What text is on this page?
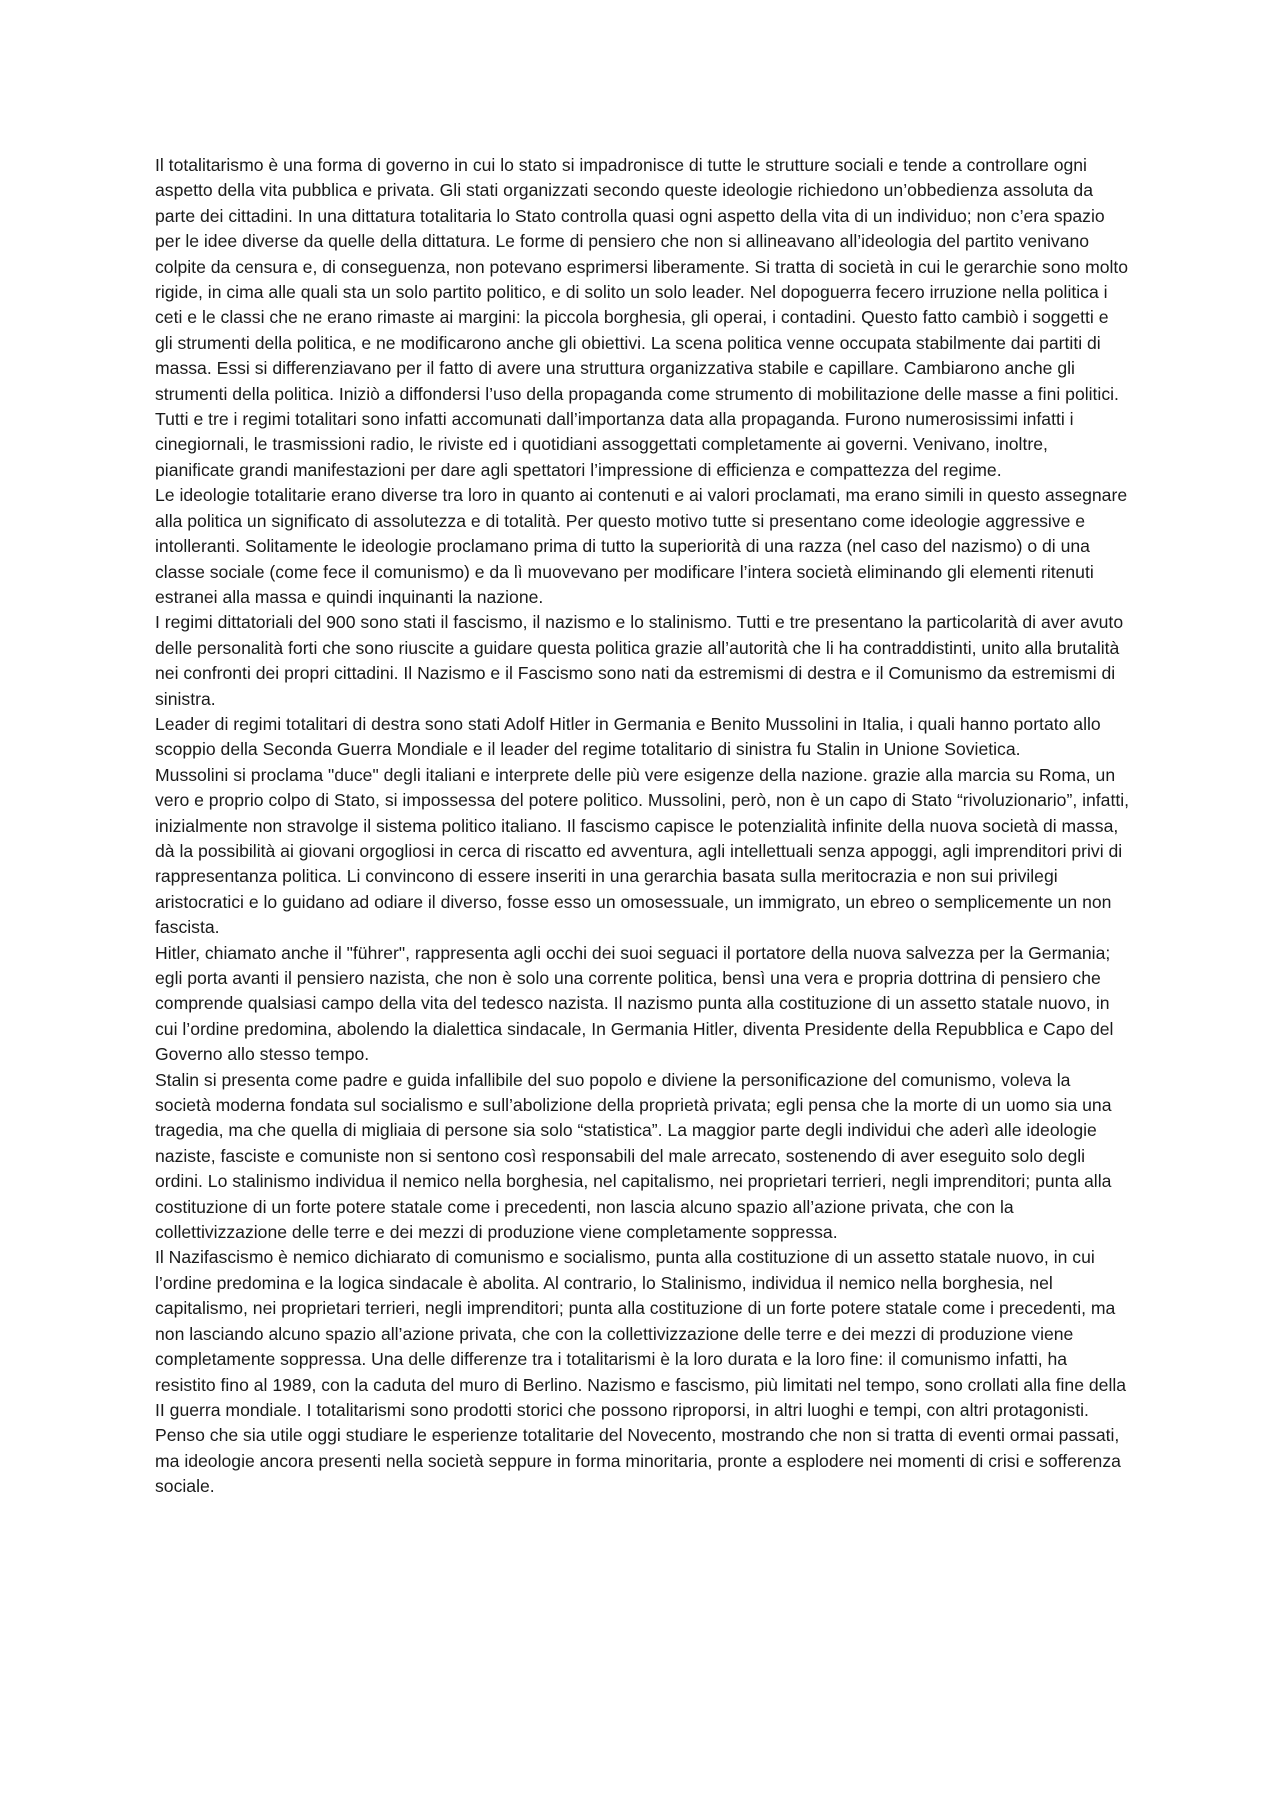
Il totalitarismo è una forma di governo in cui lo stato si impadronisce di tutte le strutture sociali e tende a controllare ogni aspetto della vita pubblica e privata. Gli stati organizzati secondo queste ideologie richiedono un’obbedienza assoluta da parte dei cittadini. In una dittatura totalitaria lo Stato controlla quasi ogni aspetto della vita di un individuo; non c’era spazio per le idee diverse da quelle della dittatura. Le forme di pensiero che non si allineavano all’ideologia del partito venivano colpite da censura e, di conseguenza, non potevano esprimersi liberamente. Si tratta di società in cui le gerarchie sono molto rigide, in cima alle quali sta un solo partito politico, e di solito un solo leader. Nel dopoguerra fecero irruzione nella politica i ceti e le classi che ne erano rimaste ai margini: la piccola borghesia, gli operai, i contadini. Questo fatto cambiò i soggetti e gli strumenti della politica, e ne modificarono anche gli obiettivi. La scena politica venne occupata stabilmente dai partiti di massa. Essi si differenziavano per il fatto di avere una struttura organizzativa stabile e capillare. Cambiarono anche gli strumenti della politica. Iniziò a diffondersi l’uso della propaganda come strumento di mobilitazione delle masse a fini politici. Tutti e tre i regimi totalitari sono infatti accomunati dall’importanza data alla propaganda. Furono numerosissimi infatti i cinegiornali, le trasmissioni radio, le riviste ed i quotidiani assoggettati completamente ai governi. Venivano, inoltre, pianificate grandi manifestazioni per dare agli spettatori l’impressione di efficienza e compattezza del regime.

Le ideologie totalitarie erano diverse tra loro in quanto ai contenuti e ai valori proclamati, ma erano simili in questo assegnare alla politica un significato di assolutezza e di totalità. Per questo motivo tutte si presentano come ideologie aggressive e intolleranti. Solitamente le ideologie proclamano prima di tutto la superiorità di una razza (nel caso del nazismo) o di una classe sociale (come fece il comunismo) e da lì muovevano per modificare l’intera società eliminando gli elementi ritenuti estranei alla massa e quindi inquinanti la nazione.

I regimi dittatoriali del 900 sono stati il fascismo, il nazismo e lo stalinismo. Tutti e tre presentano la particolarità di aver avuto delle personalità forti che sono riuscite a guidare questa politica grazie all’autorità che li ha contraddistinti, unito alla brutalità nei confronti dei propri cittadini. Il Nazismo e il Fascismo sono nati da estremismi di destra e il Comunismo da estremismi di sinistra.

Leader di regimi totalitari di destra sono stati Adolf Hitler in Germania e Benito Mussolini in Italia, i quali hanno portato allo scoppio della Seconda Guerra Mondiale e il leader del regime totalitario di sinistra fu Stalin in Unione Sovietica.

Mussolini si proclama "duce" degli italiani e interprete delle più vere esigenze della nazione. grazie alla marcia su Roma, un vero e proprio colpo di Stato, si impossessa del potere politico. Mussolini, però, non è un capo di Stato “rivoluzionario”, infatti, inizialmente non stravolge il sistema politico italiano. Il fascismo capisce le potenzialità infinite della nuova società di massa, dà la possibilità ai giovani orgogliosi in cerca di riscatto ed avventura, agli intellettuali senza appoggi, agli imprenditori privi di rappresentanza politica. Li convincono di essere inseriti in una gerarchia basata sulla meritocrazia e non sui privilegi aristocratici e lo guidano ad odiare il diverso, fosse esso un omosessuale, un immigrato, un ebreo o semplicemente un non fascista.

Hitler, chiamato anche il "führer", rappresenta agli occhi dei suoi seguaci il portatore della nuova salvezza per la Germania; egli porta avanti il pensiero nazista, che non è solo una corrente politica, bensì una vera e propria dottrina di pensiero che comprende qualsiasi campo della vita del tedesco nazista. Il nazismo punta alla costituzione di un assetto statale nuovo, in cui l’ordine predomina, abolendo la dialettica sindacale, In Germania Hitler, diventa Presidente della Repubblica e Capo del Governo allo stesso tempo.

Stalin si presenta come padre e guida infallibile del suo popolo e diviene la personificazione del comunismo, voleva la società moderna fondata sul socialismo e sull’abolizione della proprietà privata; egli pensa che la morte di un uomo sia una tragedia, ma che quella di migliaia di persone sia solo “statistica”. La maggior parte degli individui che aderì alle ideologie naziste, fasciste e comuniste non si sentono così responsabili del male arrecato, sostenendo di aver eseguito solo degli ordini. Lo stalinismo individua il nemico nella borghesia, nel capitalismo, nei proprietari terrieri, negli imprenditori; punta alla costituzione di un forte potere statale come i precedenti, non lascia alcuno spazio all’azione privata, che con la collettivizzazione delle terre e dei mezzi di produzione viene completamente soppressa.

Il Nazifascismo è nemico dichiarato di comunismo e socialismo, punta alla costituzione di un assetto statale nuovo, in cui l’ordine predomina e la logica sindacale è abolita. Al contrario, lo Stalinismo, individua il nemico nella borghesia, nel capitalismo, nei proprietari terrieri, negli imprenditori; punta alla costituzione di un forte potere statale come i precedenti, ma non lasciando alcuno spazio all’azione privata, che con la collettivizzazione delle terre e dei mezzi di produzione viene completamente soppressa. Una delle differenze tra i totalitarismi è la loro durata e la loro fine: il comunismo infatti, ha resistito fino al 1989, con la caduta del muro di Berlino. Nazismo e fascismo, più limitati nel tempo, sono crollati alla fine della II guerra mondiale. I totalitarismi sono prodotti storici che possono riproporsi, in altri luoghi e tempi, con altri protagonisti. Penso che sia utile oggi studiare le esperienze totalitarie del Novecento, mostrando che non si tratta di eventi ormai passati, ma ideologie ancora presenti nella società seppure in forma minoritaria, pronte a esplodere nei momenti di crisi e sofferenza sociale.
